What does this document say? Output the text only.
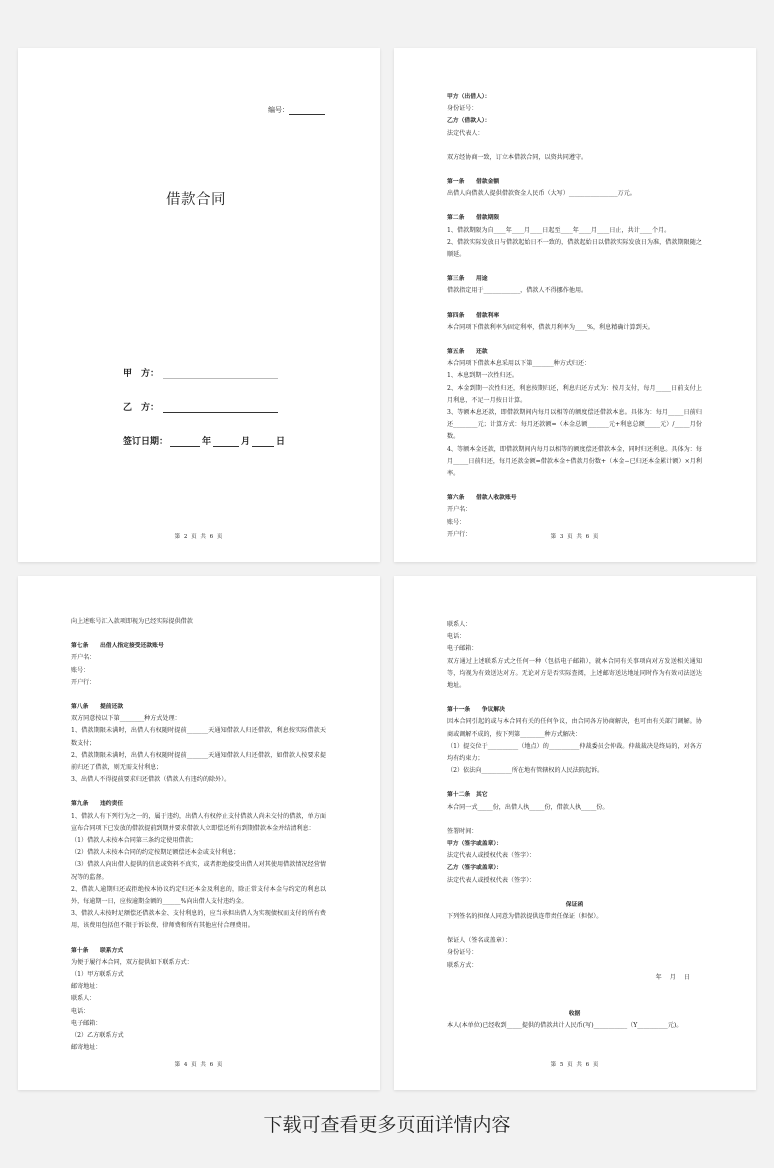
编号：
借款合同
甲　方：
乙　方：
签订日期：	年	月	日
第 2 页 共 6 页
甲方（出借人）：
身份证号：
乙方（借款人）：
法定代表人：
双方经协商一致，订立本借款合同，以资共同遵守。
第一条　　借款金额
出借人向借款人提供借款资金人民币（大写）________________万元。
第二条　　借款期限
1、借款期限为自____年____月____日起至____年____月____日止，共计____个月。
2、借款实际发放日与借款起始日不一致的，借款起始日以借款实际发放日为准，借款期限随之顺延。
第三条　　用途
借款指定用于____________，借款人不得挪作他用。
第四条　　借款利率
本合同项下借款利率为固定利率，借款月利率为____%，利息精确计算到天。
第五条　　还款
本合同项下借款本息采用以下第_______种方式归还：
1、本息到期一次性归还。
2、本金到期一次性归还，利息按期归还，利息归还方式为：按月支付，每月_____日前支付上月利息，不足一月按日计算。
3、等额本息还款，即借款期间内每月以相等的额度偿还借款本息。具体为：每月_____日前归还________元；计算方式：每月还款额=（本金总额_______元+利息总额_____元）/_____月份数。
4、等额本金还款，即借款期间内每月以相等的额度偿还借款本金，同时归还利息。具体为：每月_____日前归还，每月还款金额=借款本金÷借款月份数+（本金−已归还本金累计额）×月利率。
第六条　　借款人收款账号
开户名：
账号：
开户行：	第 3 页 共 6 页
向上述账号汇入款项即视为已经实际提供借款
第七条　　出借人指定接受还款账号
开户名：
账号：
开户行：
第八条　　提前还款
双方同意按以下第________种方式处理：
1、借款期限未满时，出借人有权随时提前_______天通知借款人归还借款，利息按实际借款天数支付；
2、借款期限未满时，出借人有权随时提前_______天通知借款人归还借款，如借款人按要求提前归还了借款，则无需支付利息；
3、出借人不得提前要求归还借款（借款人有违约的除外）。
第九条　　违约责任
1、借款人有下列行为之一的，属于违约，出借人有权停止支付借款人尚未交付的借款，单方面宣布合同项下已发放的借款提前到期并要求借款人立即偿还所有到期借款本金并结清利息：
（1）借款人未按本合同第三条约定使用借款；
（2）借款人未按本合同的约定按期足额偿还本金或支付利息；
（3）借款人向出借人提供的信息或资料不真实，或者拒绝接受出借人对其使用借款情况经营情况等的监督。
2、借款人逾期归还或拒绝按本协议约定归还本金及利息的，除正常支付本金与约定的利息以外，每逾期一日，应按逾期金额的______%向出借人支付违约金。
3、借款人未按时足额偿还借款本金、支付利息的，应当承担出借人为实现债权而支付的所有费用，该费用包括但不限于诉讼费、律师费和所有其他应付合理费用。
第十条　　联系方式
为便于履行本合同，双方提供如下联系方式：
（1）甲方联系方式
邮寄地址：
联系人：
电话：
电子邮箱：
（2）乙方联系方式
邮寄地址：
第 4 页 共 6 页
联系人：
电话：
电子邮箱：
双方通过上述联系方式之任何一种（包括电子邮箱），就本合同有关事项向对方发送相关通知等，均视为有效送达对方。无论对方是否实际查阅，上述邮寄送达地址同时作为有效司法送达地址。
第十一条　　争议解决
因本合同引起的或与本合同有关的任何争议，由合同各方协商解决，也可由有关部门调解。协商或调解不成的，按下列第________种方式解决：
（1）提交位于__________（地点）的__________仲裁委员会仲裁。仲裁裁决是终局的，对各方均有约束力；
（2）依法向__________所在地有管辖权的人民法院起诉。
第十二条　其它
本合同一式_____份，出借人执_____份，借款人执_____份。
签署时间：
甲方（签字或盖章）：
法定代表人或授权代表（签字）：
乙方（签字或盖章）：
法定代表人或授权代表（签字）：
保证函
下列签名的担保人同意为借款提供连带责任保证（担保）。
保证人（签名或盖章）：
身份证号：
联系方式：
年　 月　 日
收据
本人(本单位)已经收到_____提供的借款共计人民币(写)___________（Y__________元)。
第 5 页 共 6 页
下载可查看更多页面详情内容
